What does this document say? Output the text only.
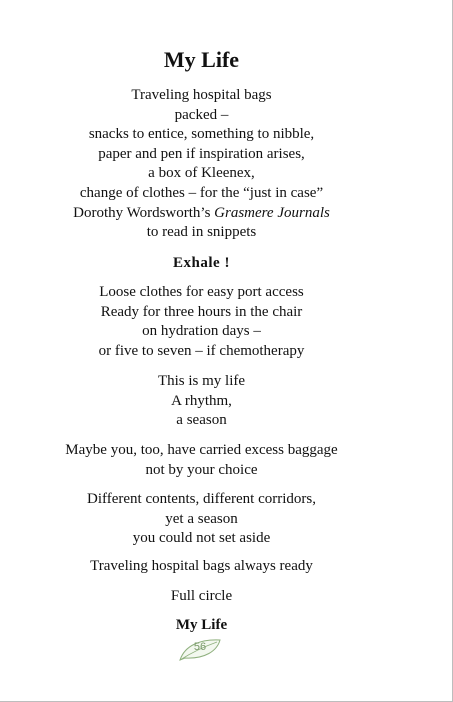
My Life
Traveling hospital bags
packed –
snacks to entice, something to nibble,
paper and pen if inspiration arises,
a box of Kleenex,
change of clothes – for the “just in case”
Dorothy Wordsworth’s Grasmere Journals
to read in snippets
Exhale !
Loose clothes for easy port access
Ready for three hours in the chair
on hydration days –
or five to seven – if chemotherapy
This is my life
A rhythm,
a season
Maybe you, too, have carried excess baggage
not by your choice
Different contents, different corridors,
yet a season
you could not set aside
Traveling hospital bags always ready
Full circle
My Life
56
